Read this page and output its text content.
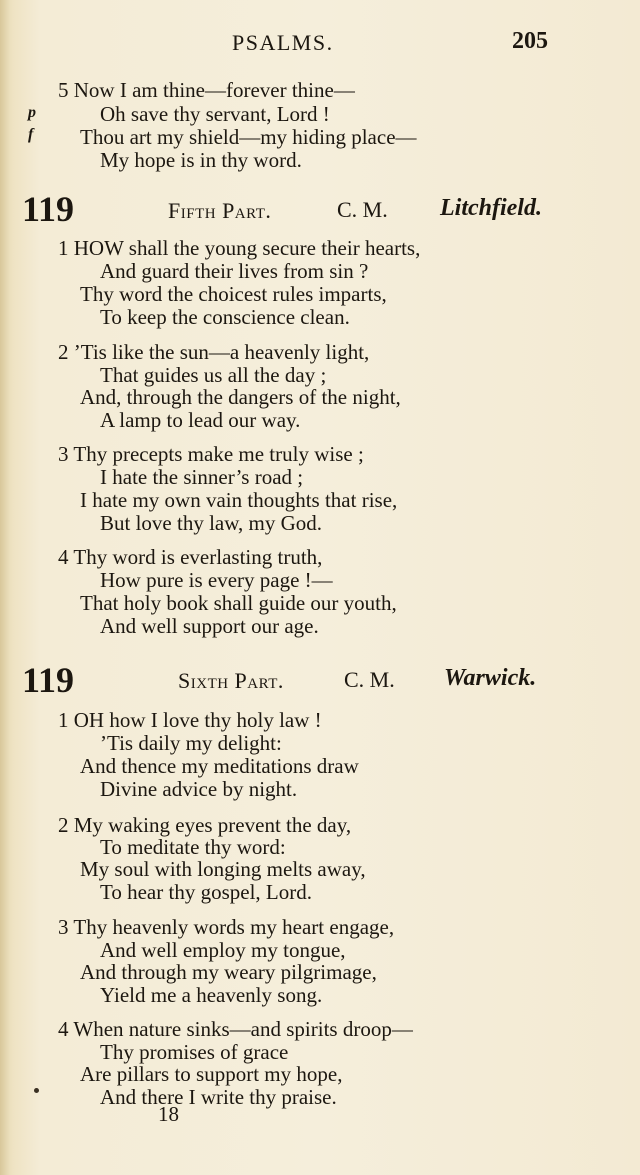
PSALMS.	205
5 Now I am thine—forever thine—
p	Oh save thy servant, Lord !
f Thou art my shield—my hiding place—
My hope is in thy word.
119	Fifth Part.	C. M. Litchfield.
1 HOW shall the young secure their hearts,
And guard their lives from sin ?
Thy word the choicest rules imparts,
To keep the conscience clean.
2 ’Tis like the sun—a heavenly light,
That guides us all the day ;
And, through the dangers of the night,
A lamp to lead our way.
3 Thy precepts make me truly wise ;
I hate the sinner’s road ;
I hate my own vain thoughts that rise,
But love thy law, my God.
4 Thy word is everlasting truth,
How pure is every page !—
That holy book shall guide our youth,
And well support our age.
119	Sixth Part.	C. M. Warwick.
1 OH how I love thy holy law !
’Tis daily my delight:
And thence my meditations draw
Divine advice by night.
2 My waking eyes prevent the day,
To meditate thy word:
My soul with longing melts away,
To hear thy gospel, Lord.
3 Thy heavenly words my heart engage,
And well employ my tongue,
And through my weary pilgrimage,
Yield me a heavenly song.
4 When nature sinks—and spirits droop—
Thy promises of grace
Are pillars to support my hope,
And there I write thy praise.
18
